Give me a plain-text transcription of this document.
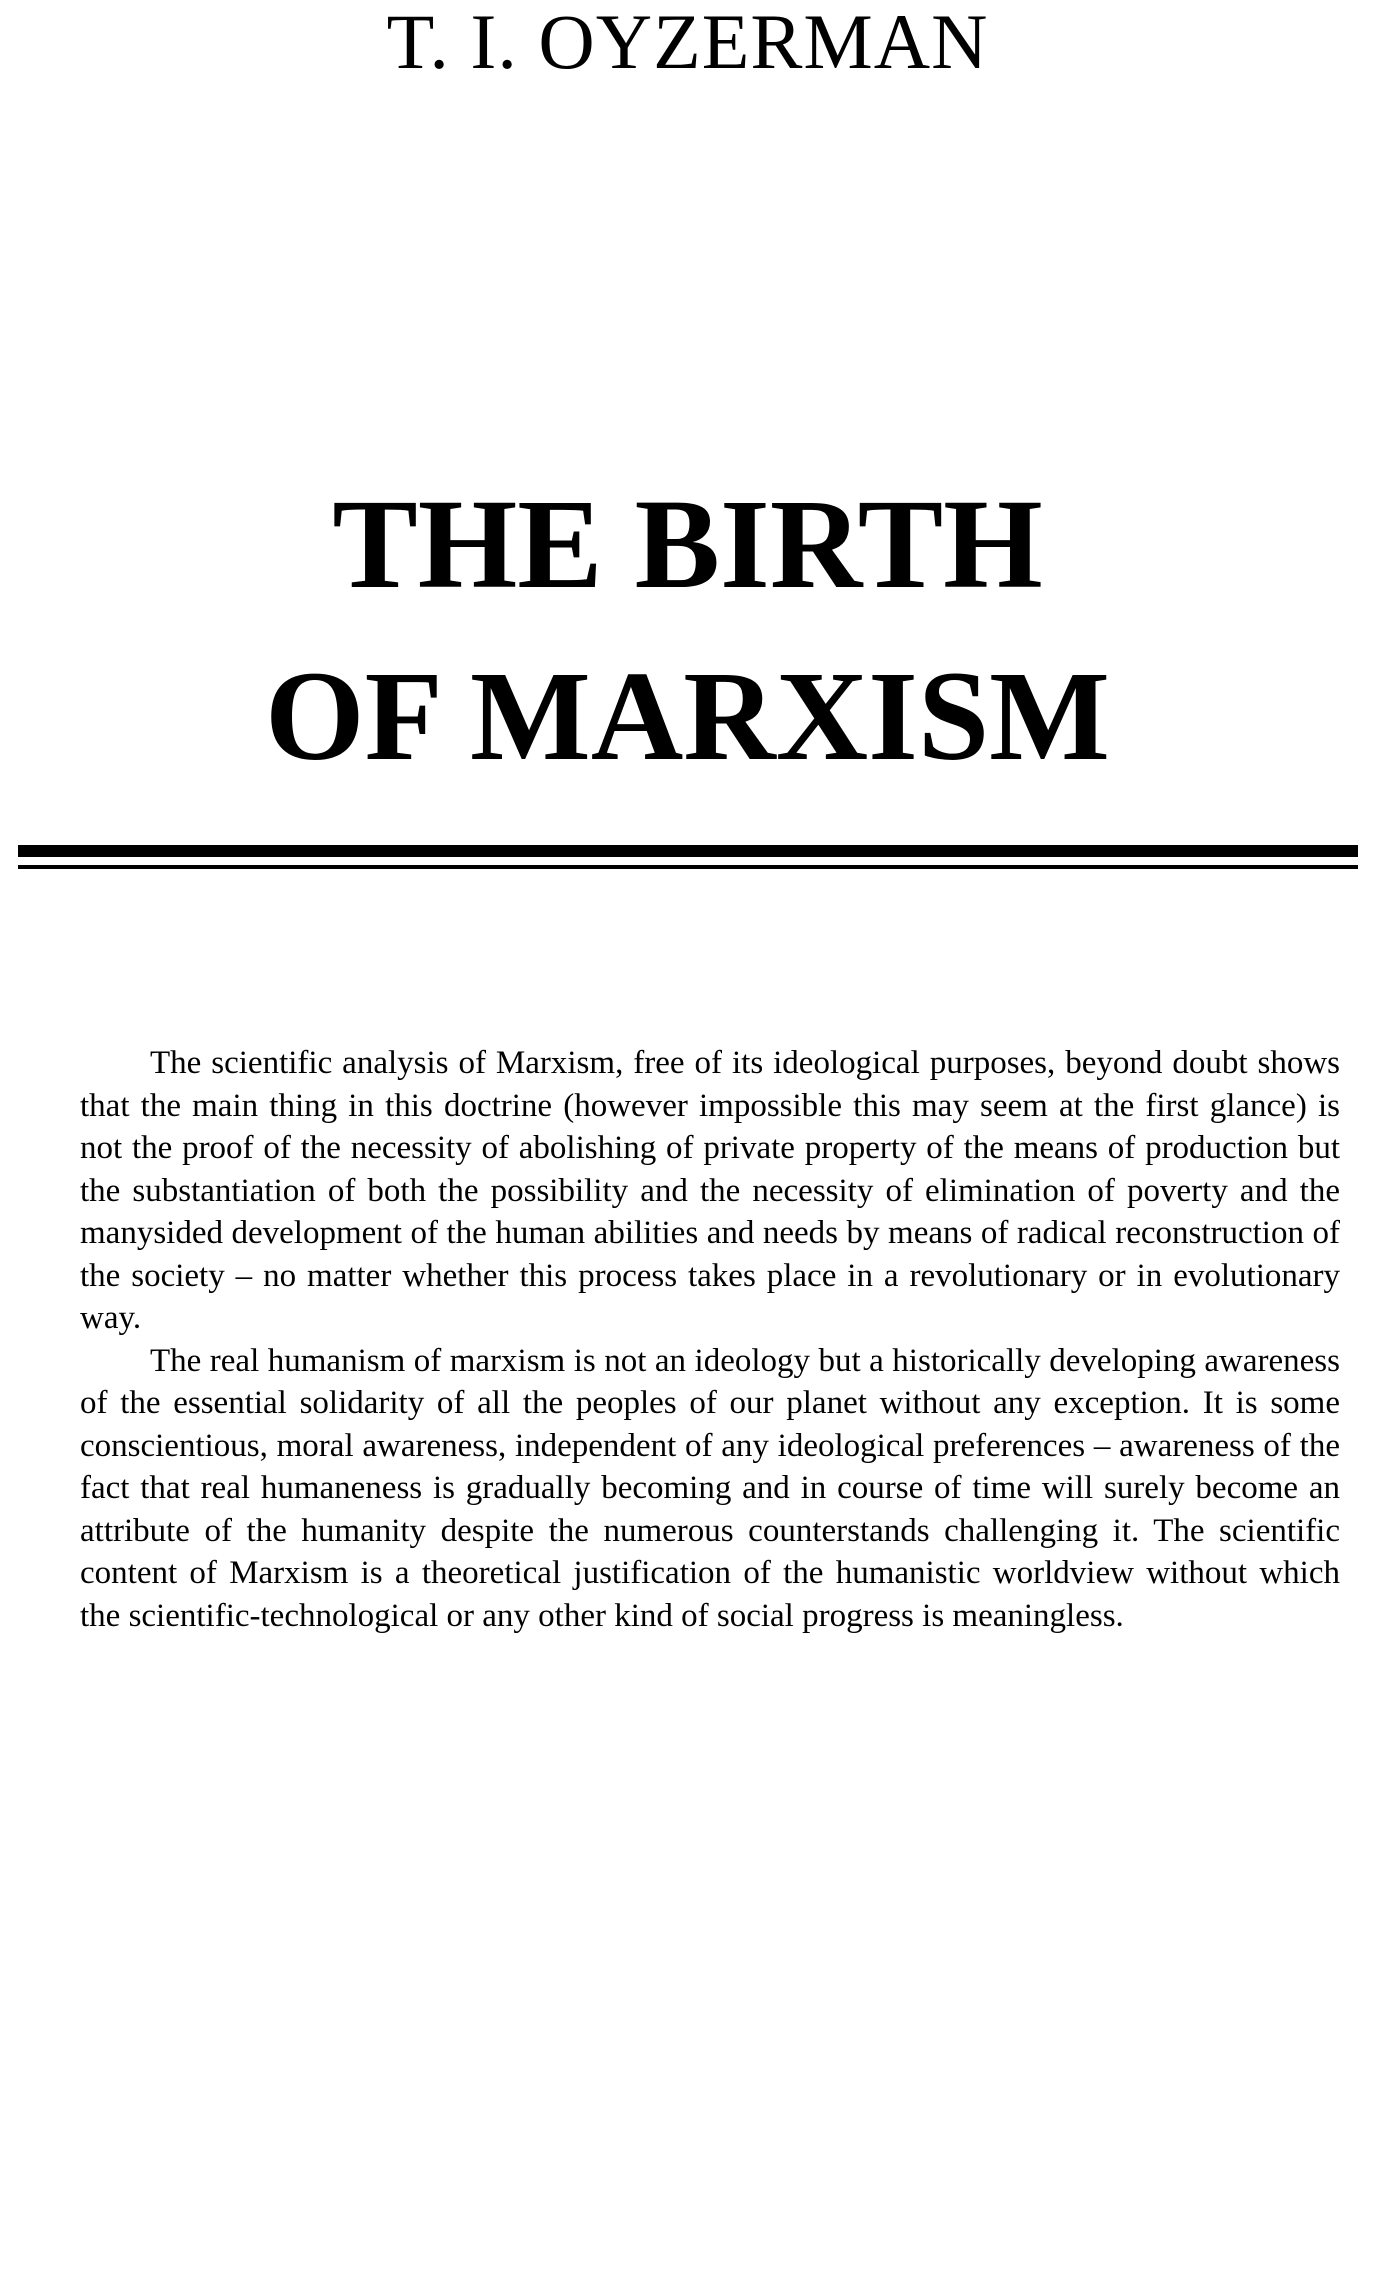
T. I. OYZERMAN
THE BIRTH
OF MARXISM

The scientific analysis of Marxism, free of its ideological purposes, beyond doubt shows that the main thing in this doctrine (however impossible this may seem at the first glance) is not the proof of the necessity of abolishing of private property of the means of production but the substantiation of both the possibility and the necessity of elimination of poverty and the manysided development of the human abilities and needs by means of radical reconstruction of the society – no matter whether this process takes place in a revolutionary or in evolutionary way.

The real humanism of marxism is not an ideology but a historically developing awareness of the essential solidarity of all the peoples of our planet without any exception. It is some conscientious, moral awareness, independent of any ideological preferences – awareness of the fact that real humaneness is gradually becoming and in course of time will surely become an attribute of the humanity despite the numerous counterstands challenging it. The scientific content of Marxism is a theoretical justification of the humanistic worldview without which the scientific-technological or any other kind of social progress is meaningless.
